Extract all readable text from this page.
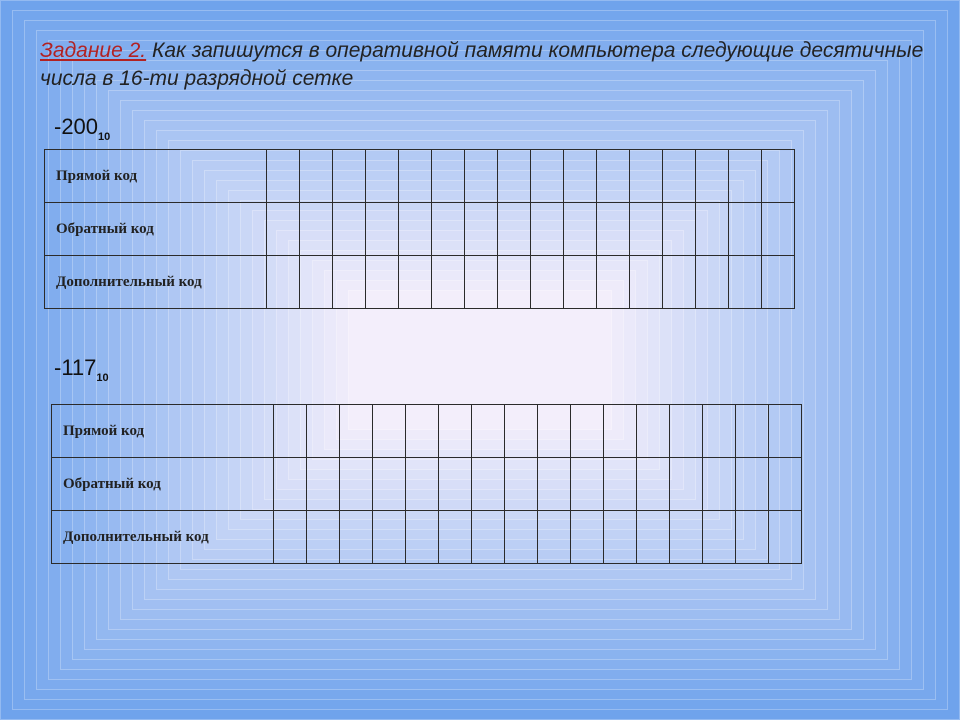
Задание 2. Как запишутся в оперативной памяти компьютера следующие десятичные числа в 16-ти разрядной сетке

$-200_{10}$
Прямой код																
Обратный код																
Дополнительный код																
$-117_{10}$
Прямой код																
Обратный код																
Дополнительный код																
